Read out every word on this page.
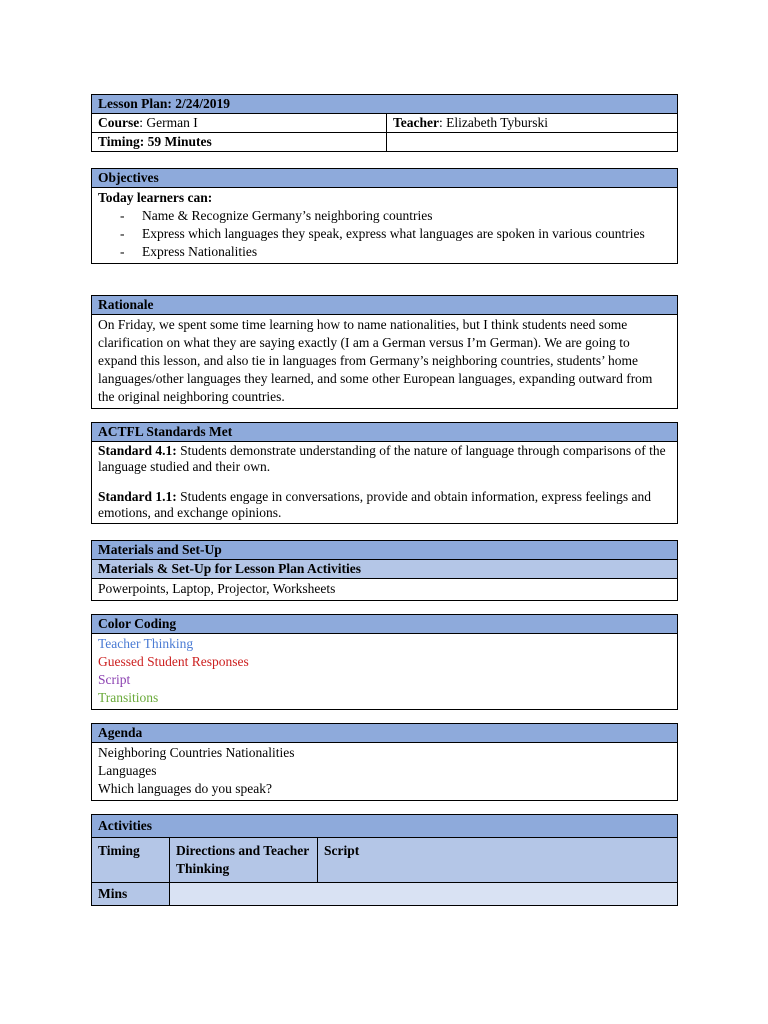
Lesson Plan: 2/24/2019
Course: German I	Teacher: Elizabeth Tyburski
Timing: 59 Minutes
Objectives
Today learners can:
- Name & Recognize Germany’s neighboring countries
- Express which languages they speak, express what languages are spoken in various countries
- Express Nationalities
Rationale
On Friday, we spent some time learning how to name nationalities, but I think students need some clarification on what they are saying exactly (I am a German versus I’m German). We are going to expand this lesson, and also tie in languages from Germany’s neighboring countries, students’ home languages/other languages they learned, and some other European languages, expanding outward from the original neighboring countries.
ACTFL Standards Met
Standard 4.1: Students demonstrate understanding of the nature of language through comparisons of the language studied and their own.
Standard 1.1: Students engage in conversations, provide and obtain information, express feelings and emotions, and exchange opinions.
Materials and Set-Up
Materials & Set-Up for Lesson Plan Activities
Powerpoints, Laptop, Projector, Worksheets
Color Coding
Teacher Thinking
Guessed Student Responses
Script
Transitions
Agenda
Neighboring Countries Nationalities
Languages
Which languages do you speak?
Activities
Timing	Directions and Teacher Thinking
Script
Mins
